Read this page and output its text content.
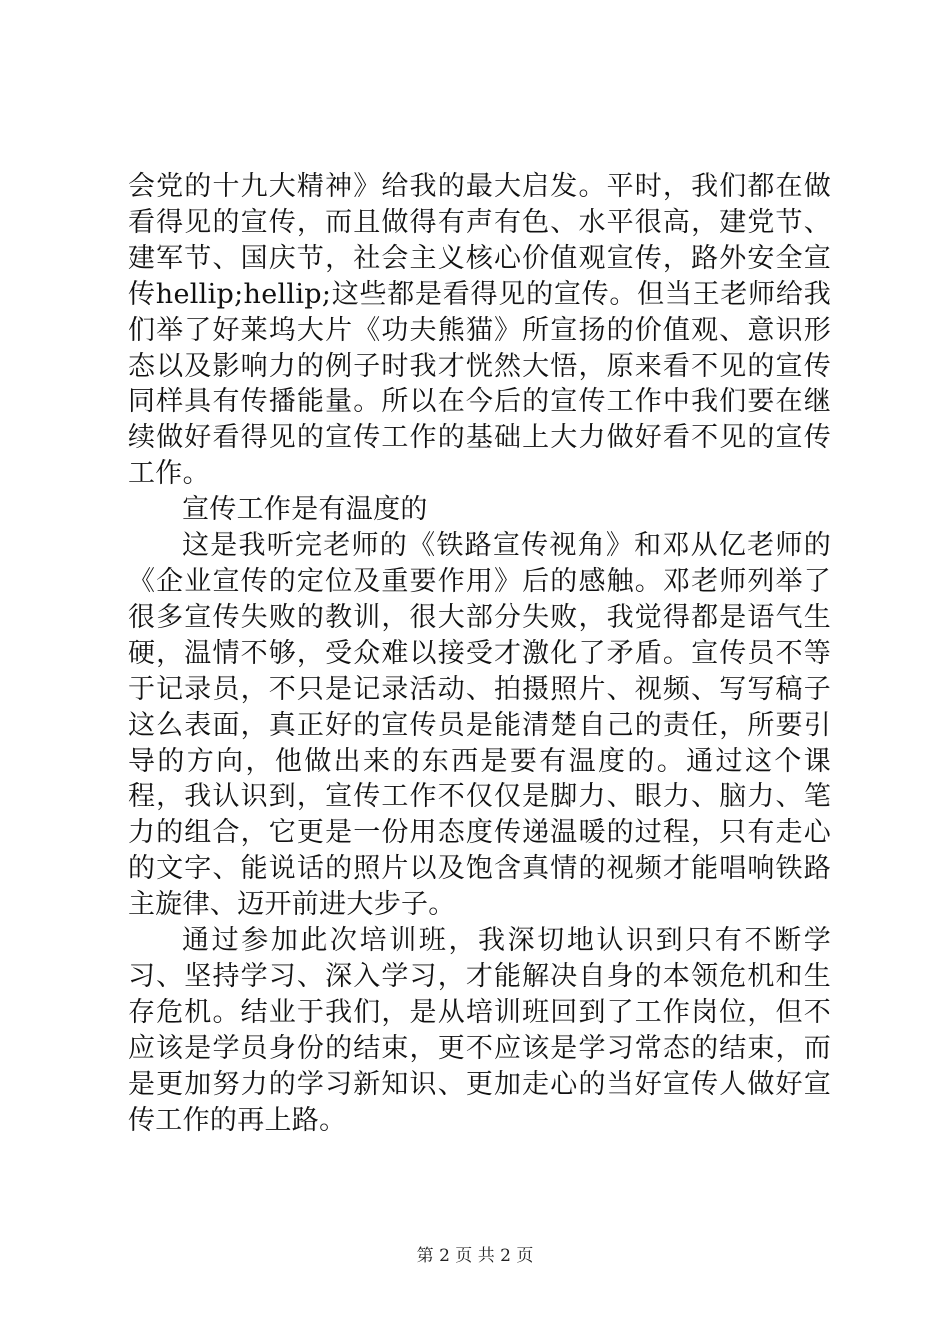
会党的十九大精神》给我的最大启发。平时，我们都在做看得见的宣传，而且做得有声有色、水平很高，建党节、建军节、国庆节，社会主义核心价值观宣传，路外安全宣传hellip;hellip;这些都是看得见的宣传。但当王老师给我们举了好莱坞大片《功夫熊猫》所宣扬的价值观、意识形态以及影响力的例子时我才恍然大悟，原来看不见的宣传同样具有传播能量。所以在今后的宣传工作中我们要在继续做好看得见的宣传工作的基础上大力做好看不见的宣传工作。

宣传工作是有温度的

这是我听完老师的《铁路宣传视角》和邓从亿老师的《企业宣传的定位及重要作用》后的感触。邓老师列举了很多宣传失败的教训，很大部分失败，我觉得都是语气生硬，温情不够，受众难以接受才激化了矛盾。宣传员不等于记录员，不只是记录活动、拍摄照片、视频、写写稿子这么表面，真正好的宣传员是能清楚自己的责任，所要引导的方向，他做出来的东西是要有温度的。通过这个课程，我认识到，宣传工作不仅仅是脚力、眼力、脑力、笔力的组合，它更是一份用态度传递温暖的过程，只有走心的文字、能说话的照片以及饱含真情的视频才能唱响铁路主旋律、迈开前进大步子。

通过参加此次培训班，我深切地认识到只有不断学习、坚持学习、深入学习，才能解决自身的本领危机和生存危机。结业于我们，是从培训班回到了工作岗位，但不应该是学员身份的结束，更不应该是学习常态的结束，而是更加努力的学习新知识、更加走心的当好宣传人做好宣传工作的再上路。

第 2 页 共 2 页
